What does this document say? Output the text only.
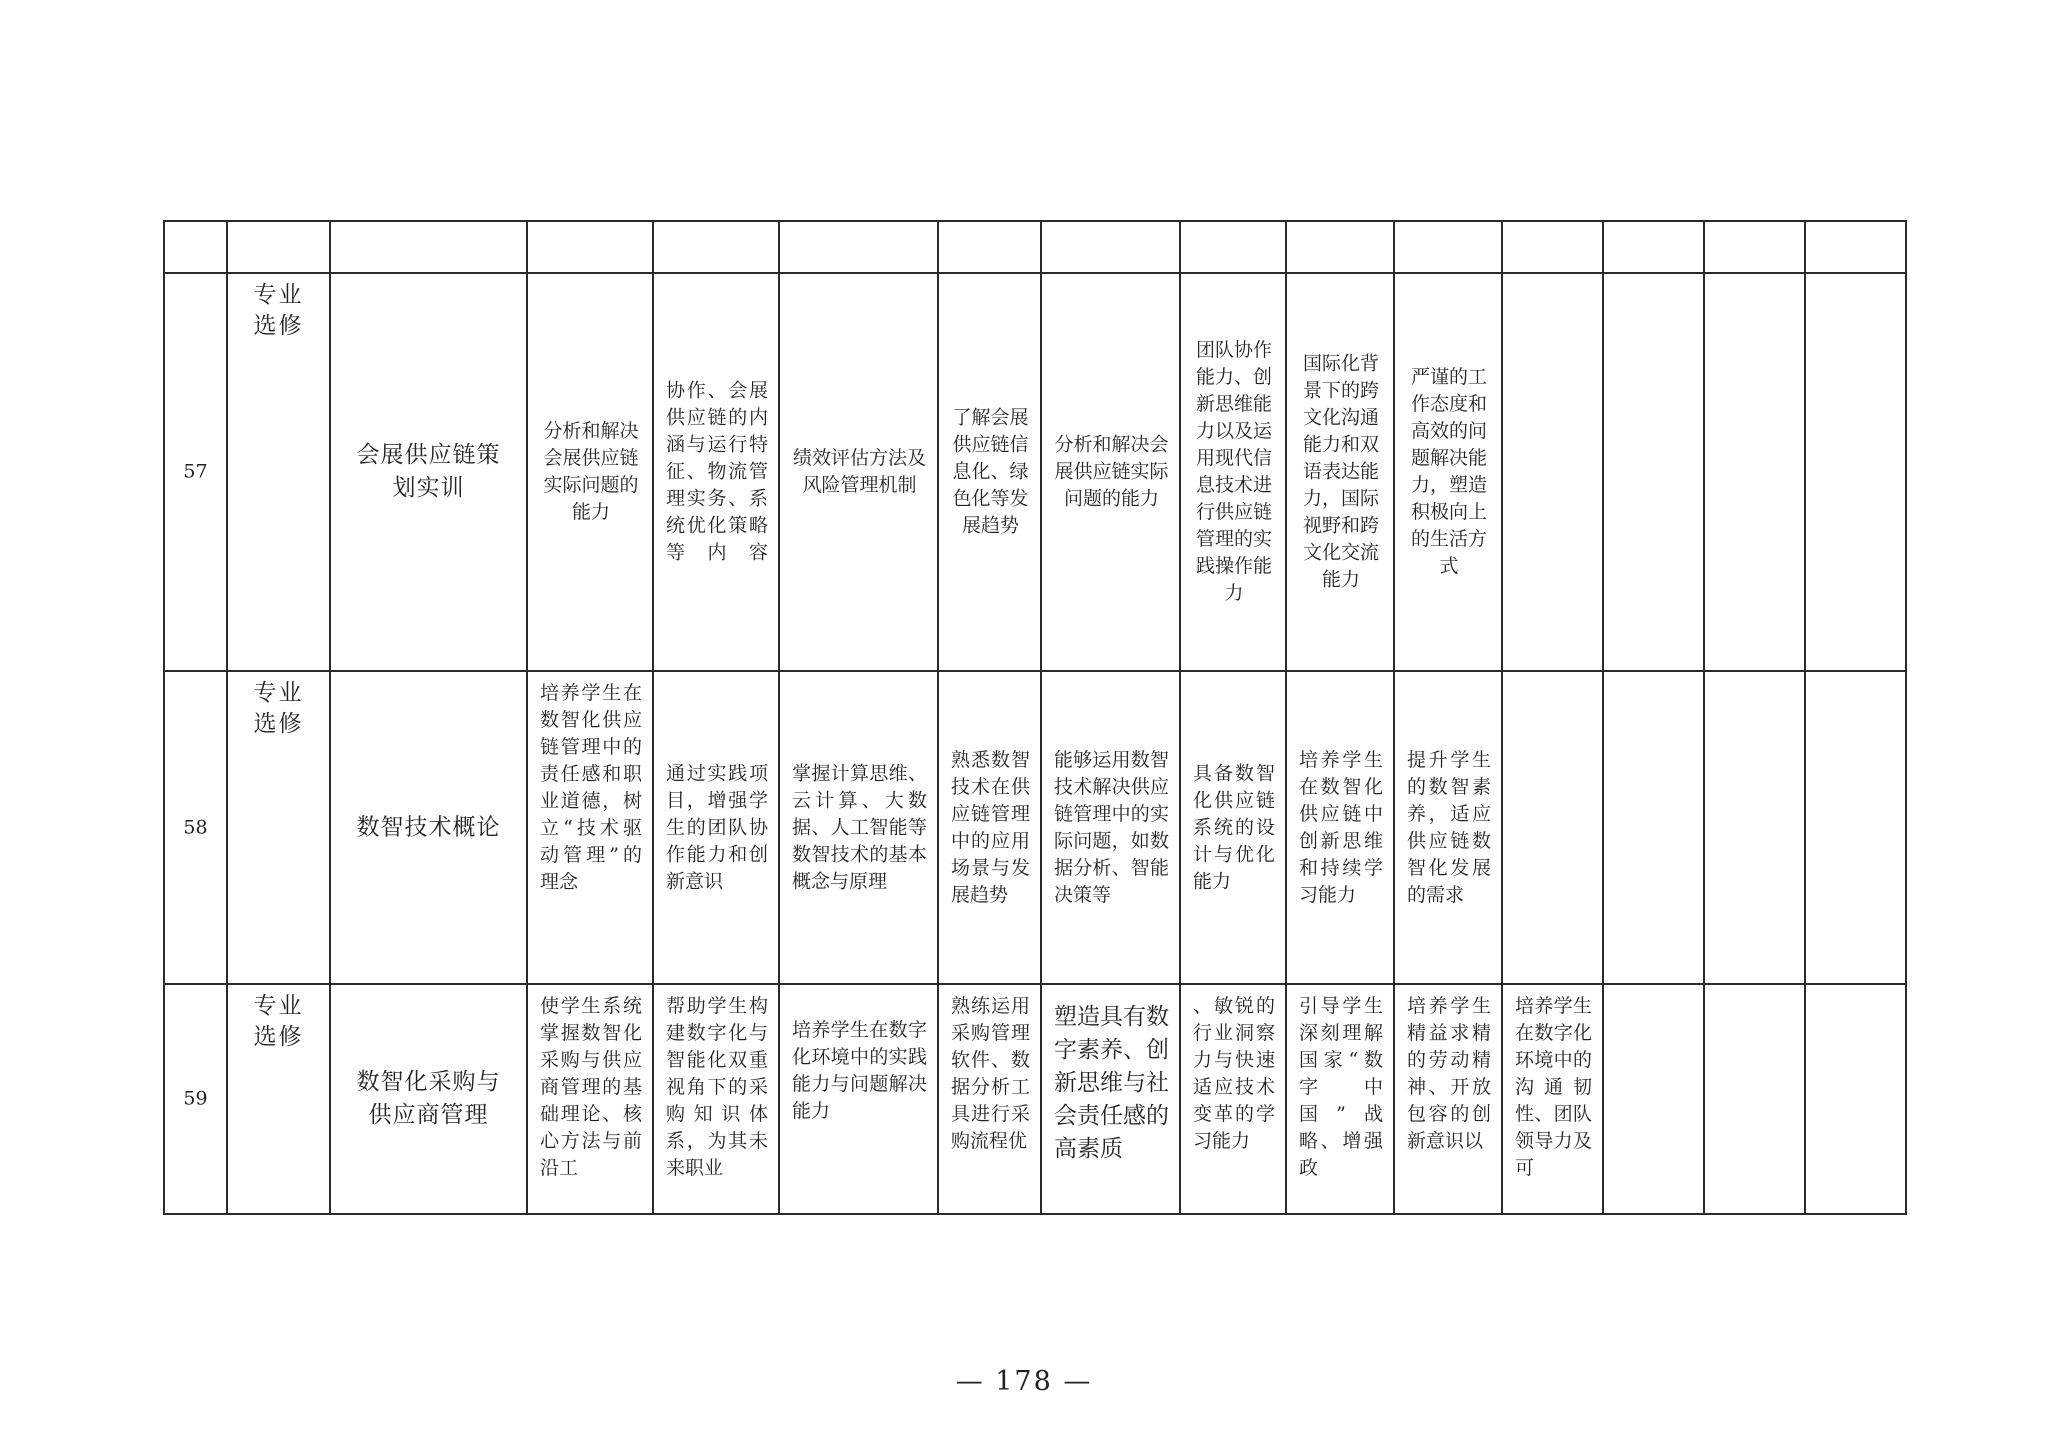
57	专业选修	会展供应链策划实训	分析和解决会展供应链实际问题的能力	协作、会展供应链的内涵与运行特征、物流管理实务、系统优化策略等内容	绩效评估方法及风险管理机制	了解会展供应链信息化、绿色化等发展趋势	分析和解决会展供应链实际问题的能力	团队协作能力、创新思维能力以及运用现代信息技术进行供应链管理的实践操作能力	国际化背景下的跨文化沟通能力和双语表达能力，国际视野和跨文化交流能力	严谨的工作态度和高效的问题解决能力，塑造积极向上的生活方式				

58	专业选修	数智技术概论	培养学生在数智化供应链管理中的责任感和职业道德，树立“技术驱动管理”的理念	通过实践项目，增强学生的团队协作能力和创新意识	掌握计算思维、云计算、大数据、人工智能等数智技术的基本概念与原理	熟悉数智技术在供应链管理中的应用场景与发展趋势	能够运用数智技术解决供应链管理中的实际问题，如数据分析、智能决策等	具备数智化供应链系统的设计与优化能力	培养学生在数智化供应链中创新思维和持续学习能力	提升学生的数智素养，适应供应链数智化发展的需求				

59	专业选修	数智化采购与供应商管理	使学生系统掌握数智化采购与供应商管理的基础理论、核心方法与前沿工	帮助学生构建数字化与智能化双重视角下的采购知识体系，为其未来职业	培养学生在数字化环境中的实践能力与问题解决能力	熟练运用采购管理软件、数据分析工具进行采购流程优	塑造具有数字素养、创新思维与社会责任感的高素质	、敏锐的行业洞察力与快速适应技术变革的学习能力	引导学生深刻理解国家“数字中国”战略、增强政	培养学生精益求精的劳动精神、开放包容的创新意识以	培养学生在数字化环境中的沟通韧性、团队领导力及可			

— 178 —
